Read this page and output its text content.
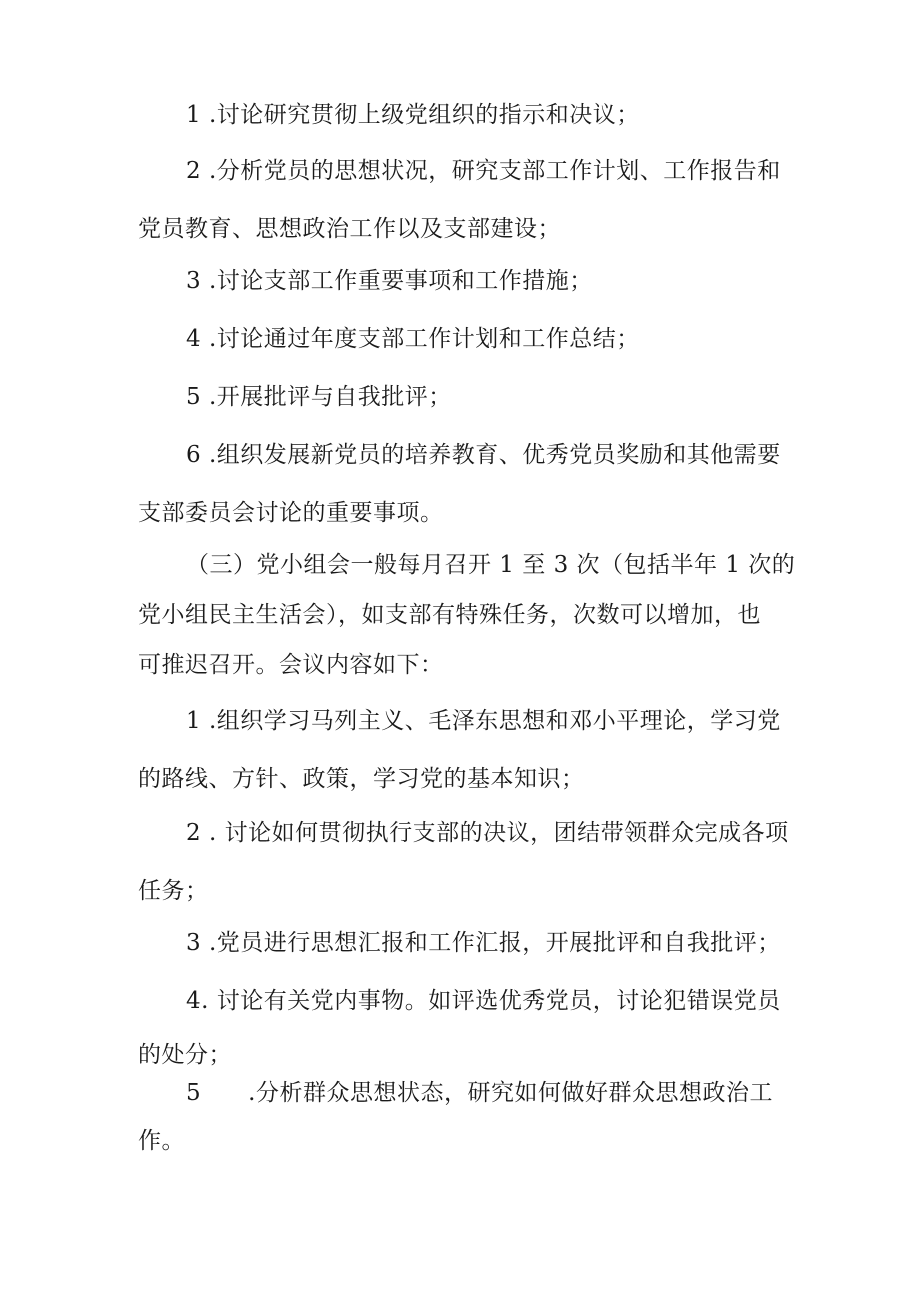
1 .讨论研究贯彻上级党组织的指示和决议；
2 .分析党员的思想状况，研究支部工作计划、工作报告和
党员教育、思想政治工作以及支部建设；
3 .讨论支部工作重要事项和工作措施；
4 .讨论通过年度支部工作计划和工作总结；
5 .开展批评与自我批评；
6 .组织发展新党员的培养教育、优秀党员奖励和其他需要
支部委员会讨论的重要事项。
（三）党小组会一般每月召开 1 至 3 次（包括半年 1 次的
党小组民主生活会），如支部有特殊任务，次数可以增加，也
可推迟召开。会议内容如下：
1 .组织学习马列主义、毛泽东思想和邓小平理论，学习党
的路线、方针、政策，学习党的基本知识；
2 . 讨论如何贯彻执行支部的决议，团结带领群众完成各项
任务；
3 .党员进行思想汇报和工作汇报，开展批评和自我批评；
4. 讨论有关党内事物。如评选优秀党员，讨论犯错误党员
的处分；
5　　.分析群众思想状态，研究如何做好群众思想政治工
作。
